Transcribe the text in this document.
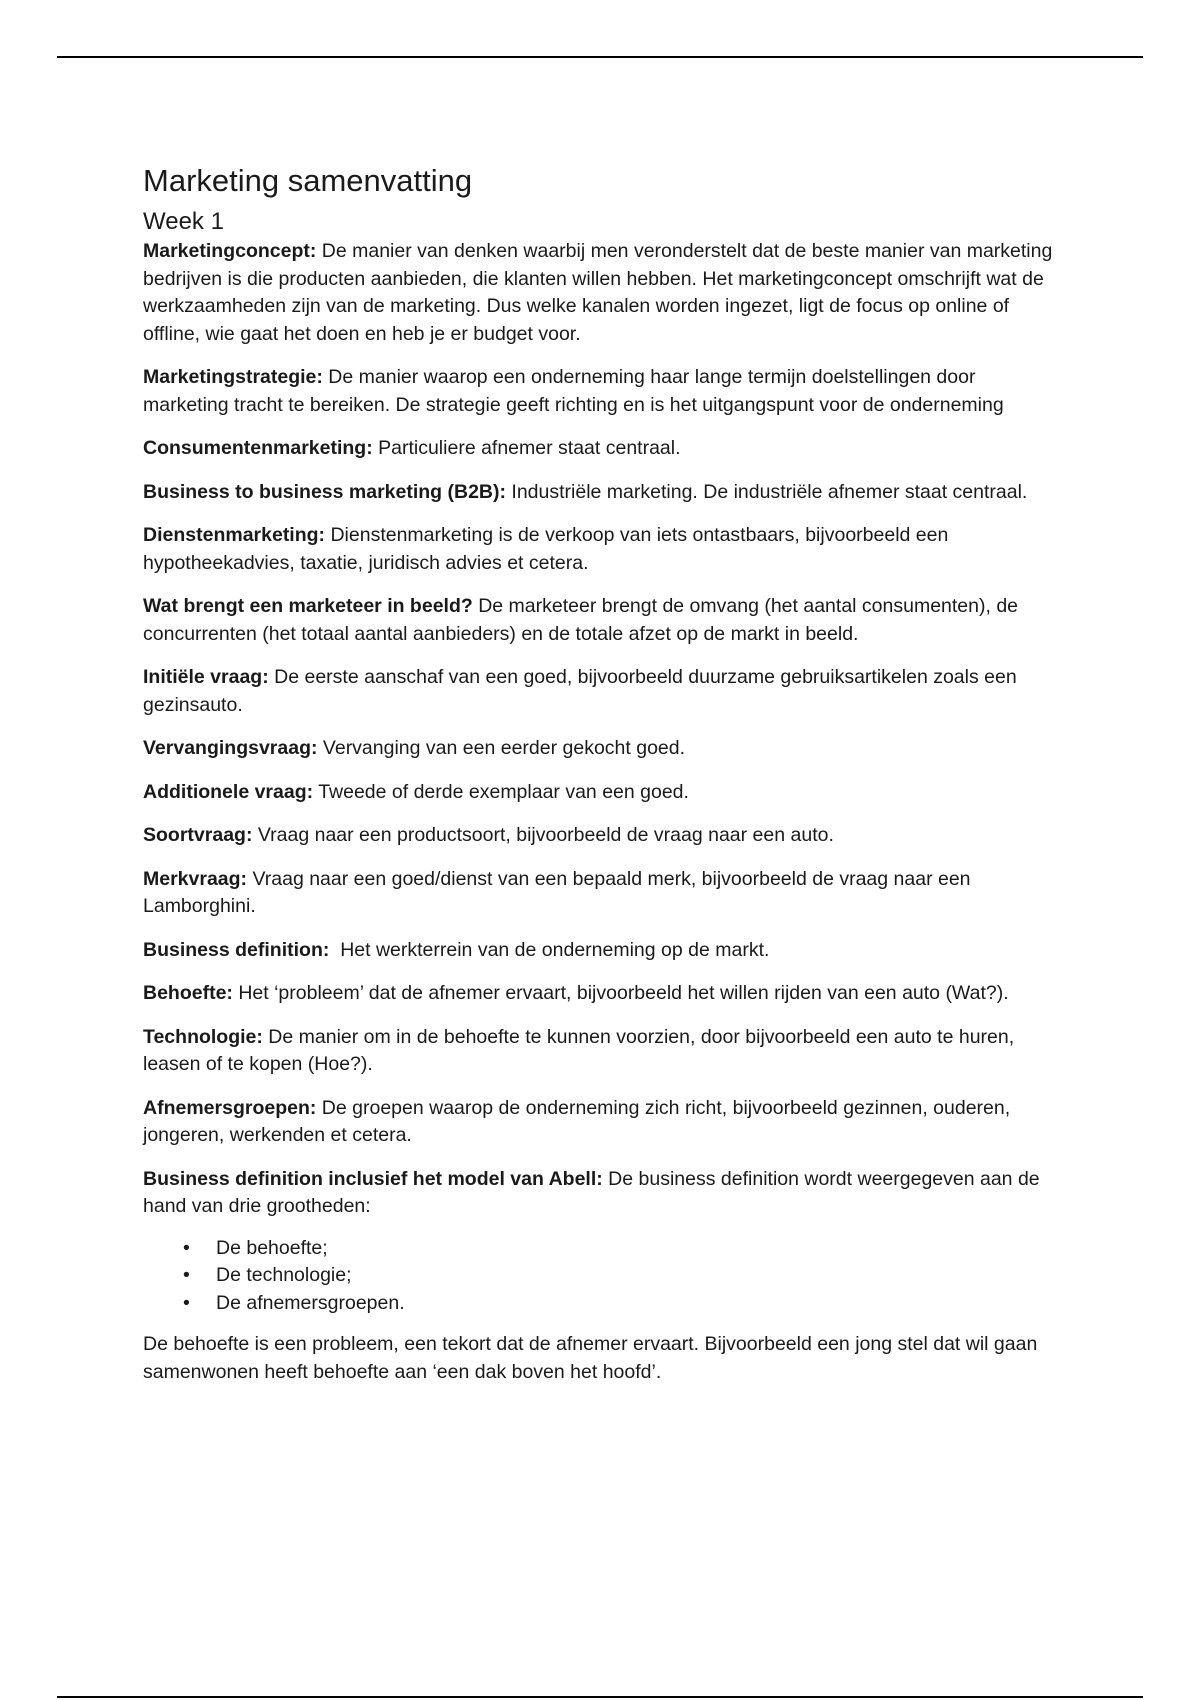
Marketing samenvatting
Week 1

Marketingconcept: De manier van denken waarbij men veronderstelt dat de beste manier van marketing bedrijven is die producten aanbieden, die klanten willen hebben. Het marketingconcept omschrijft wat de werkzaamheden zijn van de marketing. Dus welke kanalen worden ingezet, ligt de focus op online of offline, wie gaat het doen en heb je er budget voor.

Marketingstrategie: De manier waarop een onderneming haar lange termijn doelstellingen door marketing tracht te bereiken. De strategie geeft richting en is het uitgangspunt voor de onderneming

Consumentenmarketing: Particuliere afnemer staat centraal.

Business to business marketing (B2B): Industriële marketing. De industriële afnemer staat centraal.

Dienstenmarketing: Dienstenmarketing is de verkoop van iets ontastbaars, bijvoorbeeld een hypotheekadvies, taxatie, juridisch advies et cetera.

Wat brengt een marketeer in beeld? De marketeer brengt de omvang (het aantal consumenten), de concurrenten (het totaal aantal aanbieders) en de totale afzet op de markt in beeld.

Initiële vraag: De eerste aanschaf van een goed, bijvoorbeeld duurzame gebruiksartikelen zoals een gezinsauto.

Vervangingsvraag: Vervanging van een eerder gekocht goed.

Additionele vraag: Tweede of derde exemplaar van een goed.

Soortvraag: Vraag naar een productsoort, bijvoorbeeld de vraag naar een auto.

Merkvraag: Vraag naar een goed/dienst van een bepaald merk, bijvoorbeeld de vraag naar een Lamborghini.

Business definition:  Het werkterrein van de onderneming op de markt.

Behoefte: Het ‘probleem’ dat de afnemer ervaart, bijvoorbeeld het willen rijden van een auto (Wat?).

Technologie: De manier om in de behoefte te kunnen voorzien, door bijvoorbeeld een auto te huren, leasen of te kopen (Hoe?).

Afnemersgroepen: De groepen waarop de onderneming zich richt, bijvoorbeeld gezinnen, ouderen, jongeren, werkenden et cetera.

Business definition inclusief het model van Abell: De business definition wordt weergegeven aan de hand van drie grootheden:

• De behoefte;
• De technologie;
• De afnemersgroepen.

De behoefte is een probleem, een tekort dat de afnemer ervaart. Bijvoorbeeld een jong stel dat wil gaan samenwonen heeft behoefte aan ‘een dak boven het hoofd’.
